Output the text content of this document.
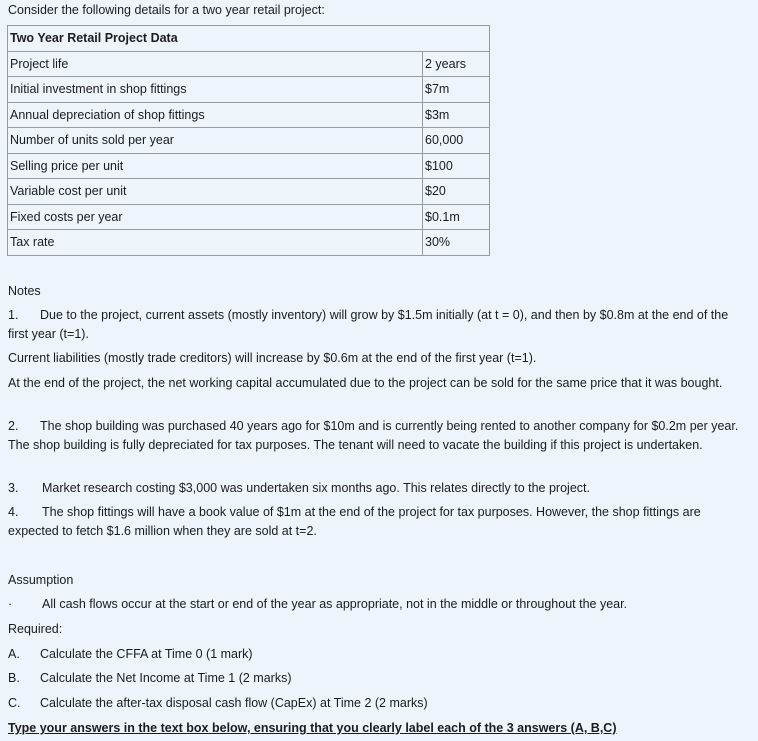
Consider the following details for a two year retail project:
Two Year Retail Project Data	
Project life	2 years
Initial investment in shop fittings	$7m
Annual depreciation of shop fittings	$3m
Number of units sold per year	60,000
Selling price per unit	$100
Variable cost per unit	$20
Fixed costs per year	$0.1m
Tax rate	30%
Notes
1. Due to the project, current assets (mostly inventory) will grow by $1.5m initially (at t = 0), and then by $0.8m at the end of the first year (t=1).
Current liabilities (mostly trade creditors) will increase by $0.6m at the end of the first year (t=1).
At the end of the project, the net working capital accumulated due to the project can be sold for the same price that it was bought.
2. The shop building was purchased 40 years ago for $10m and is currently being rented to another company for $0.2m per year. The shop building is fully depreciated for tax purposes. The tenant will need to vacate the building if this project is undertaken.
3. Market research costing $3,000 was undertaken six months ago. This relates directly to the project.
4. The shop fittings will have a book value of $1m at the end of the project for tax purposes. However, the shop fittings are expected to fetch $1.6 million when they are sold at t=2.
Assumption
· All cash flows occur at the start or end of the year as appropriate, not in the middle or throughout the year.
Required:
A. Calculate the CFFA at Time 0 (1 mark)
B. Calculate the Net Income at Time 1 (2 marks)
C. Calculate the after-tax disposal cash flow (CapEx) at Time 2 (2 marks)
Type your answers in the text box below, ensuring that you clearly label each of the 3 answers (A, B,C)
